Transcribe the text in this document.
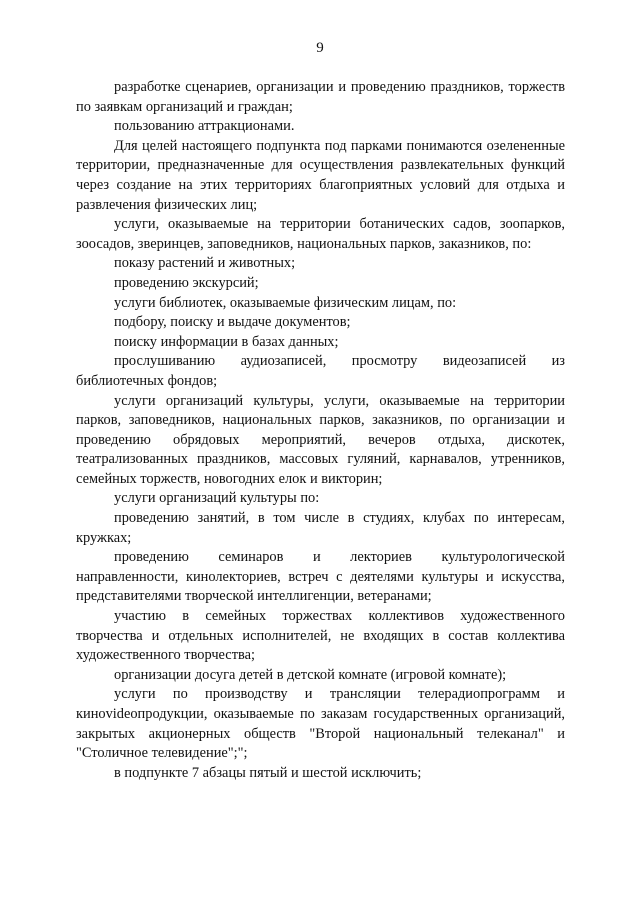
9

разработке сценариев, организации и проведению праздников, торжеств по заявкам организаций и граждан;

пользованию аттракционами.

Для целей настоящего подпункта под парками понимаются озелененные территории, предназначенные для осуществления развлекательных функций через создание на этих территориях благоприятных условий для отдыха и развлечения физических лиц;

услуги, оказываемые на территории ботанических садов, зоопарков, зоосадов, зверинцев, заповедников, национальных парков, заказников, по:

показу растений и животных;

проведению экскурсий;

услуги библиотек, оказываемые физическим лицам, по:

подбору, поиску и выдаче документов;

поиску информации в базах данных;

прослушиванию аудиозаписей, просмотру видеозаписей из библиотечных фондов;

услуги организаций культуры, услуги, оказываемые на территории парков, заповедников, национальных парков, заказников, по организации и проведению обрядовых мероприятий, вечеров отдыха, дискотек, театрализованных праздников, массовых гуляний, карнавалов, утренников, семейных торжеств, новогодних елок и викторин;

услуги организаций культуры по:

проведению занятий, в том числе в студиях, клубах по интересам, кружках;

проведению семинаров и лекториев культурологической направленности, кинолекториев, встреч с деятелями культуры и искусства, представителями творческой интеллигенции, ветеранами;

участию в семейных торжествах коллективов художественного творчества и отдельных исполнителей, не входящих в состав коллектива художественного творчества;

организации досуга детей в детской комнате (игровой комнате);

услуги по производству и трансляции телерадиопрограмм и кинovideoпродукции, оказываемые по заказам государственных организаций, закрытых акционерных обществ "Второй национальный телеканал" и "Столичное телевидение";";

в подпункте 7 абзацы пятый и шестой исключить;
